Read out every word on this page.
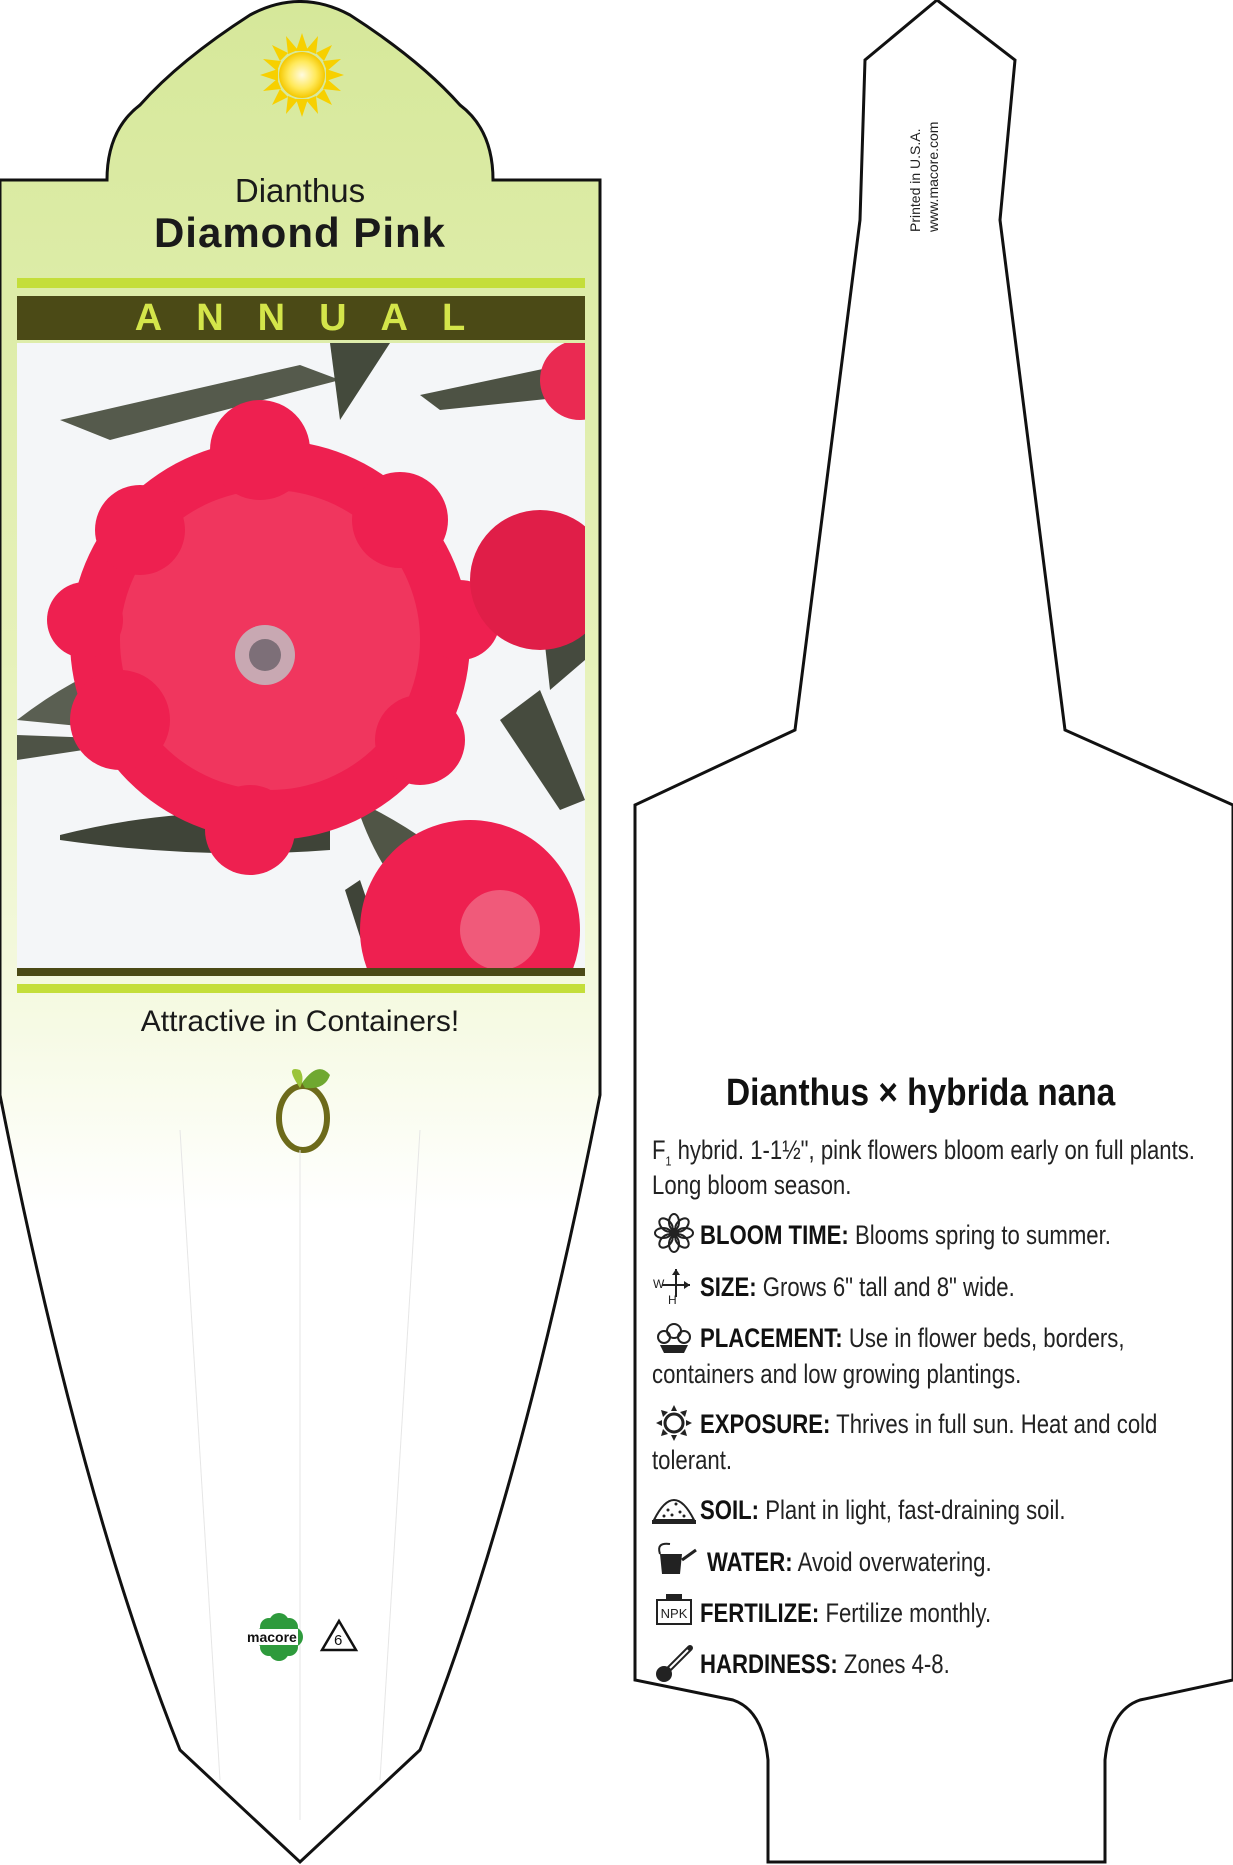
NPK
Dianthus
Diamond Pink
ANNUAL
Attractive in Containers!
macore 6
Printed in U.S.A. www.macore.com
Dianthus × hybrida nana
$F_1$ hybrid. 1-1½", pink flowers bloom early on full plants.
Long bloom season.
BLOOM TIME: Blooms spring to summer.
SIZE: Grows 6" tall and 8" wide.
W
H
PLACEMENT: Use in flower beds, borders,
containers and low growing plantings.
EXPOSURE: Thrives in full sun. Heat and cold
tolerant.
SOIL: Plant in light, fast-draining soil.
WATER: Avoid overwatering.
FERTILIZE: Fertilize monthly.
HARDINESS: Zones 4-8.
